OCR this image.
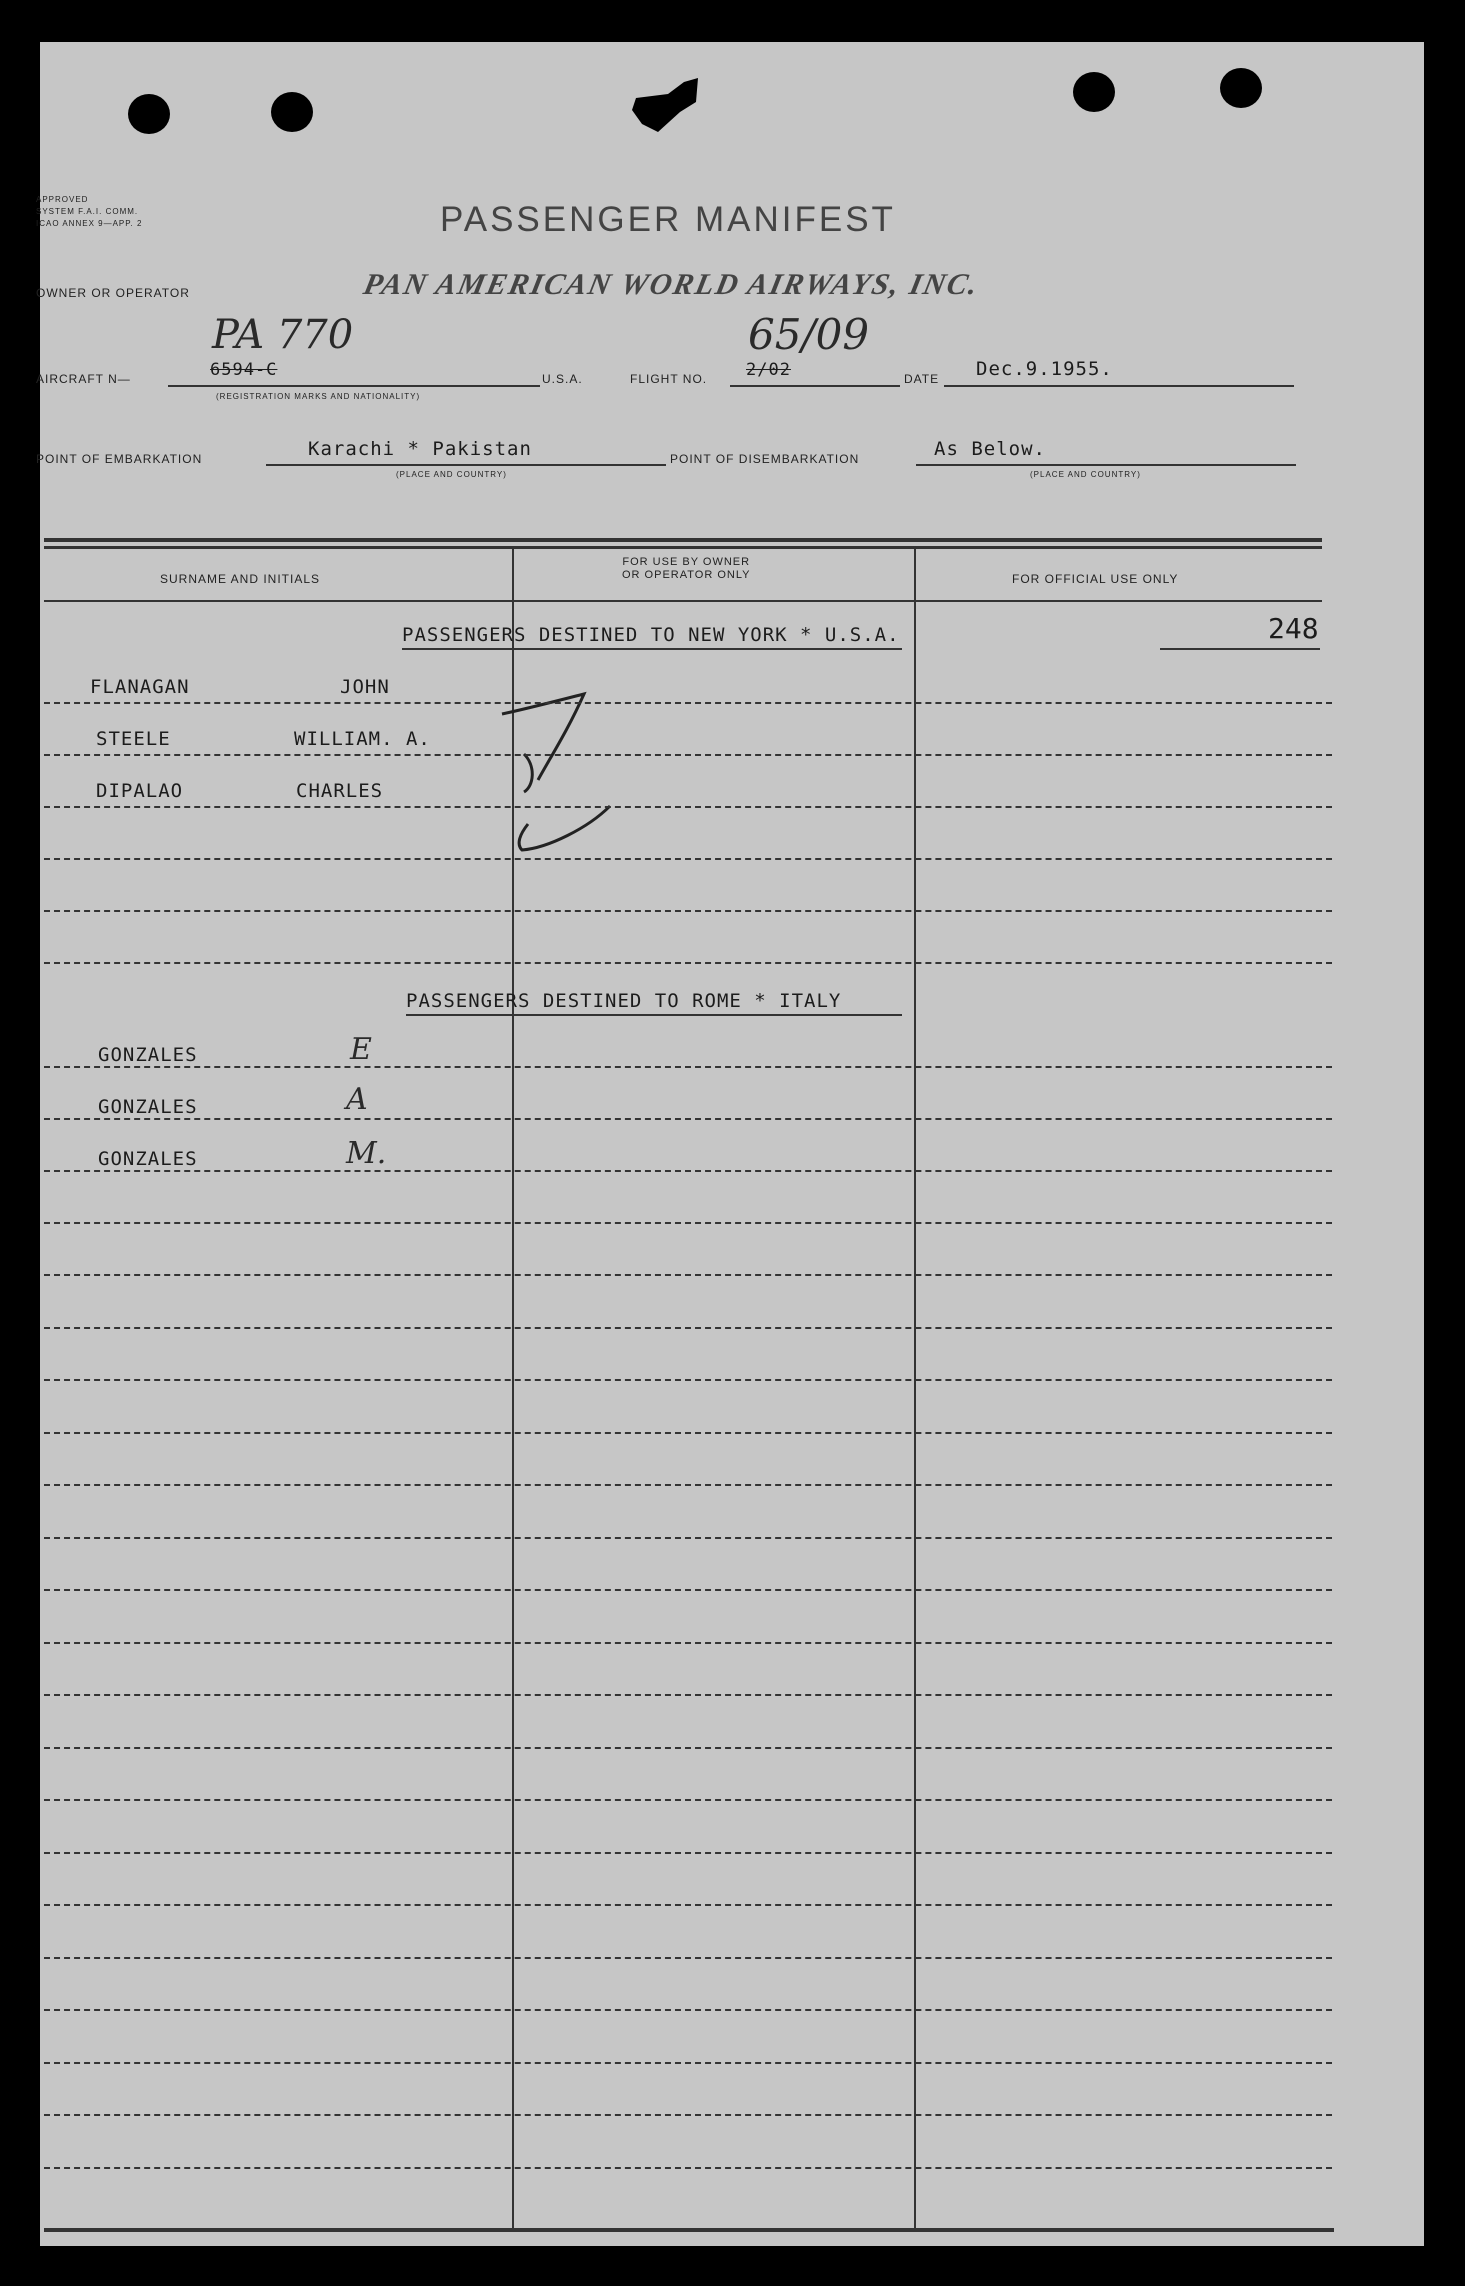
APPROVED
SYSTEM F.A.I. COMM.
ICAO ANNEX 9—APP. 2	PASSENGER MANIFEST
OWNER OR OPERATOR	PAN AMERICAN WORLD AIRWAYS, INC.
PA 770
AIRCRAFT N—	6594-C
(REGISTRATION MARKS AND NATIONALITY)
U.S.A.	FLIGHT NO.
65/09
2/02	DATE Dec.9.1955.
POINT OF EMBARKATION	Karachi * Pakistan
(PLACE AND COUNTRY)
POINT OF DISEMBARKATION	As Below.
(PLACE AND COUNTRY)
SURNAME AND INITIALS
FOR USE BY OWNER
OR OPERATOR ONLY	FOR OFFICIAL USE ONLY
248
PASSENGERS DESTINED TO NEW YORK * U.S.A.
FLANAGAN	JOHN
STEELE	WILLIAM. A.
DIPALAO	CHARLES
PASSENGERS DESTINED TO ROME * ITALY
GONZALES	E
GONZALES	A
GONZALES	M.
